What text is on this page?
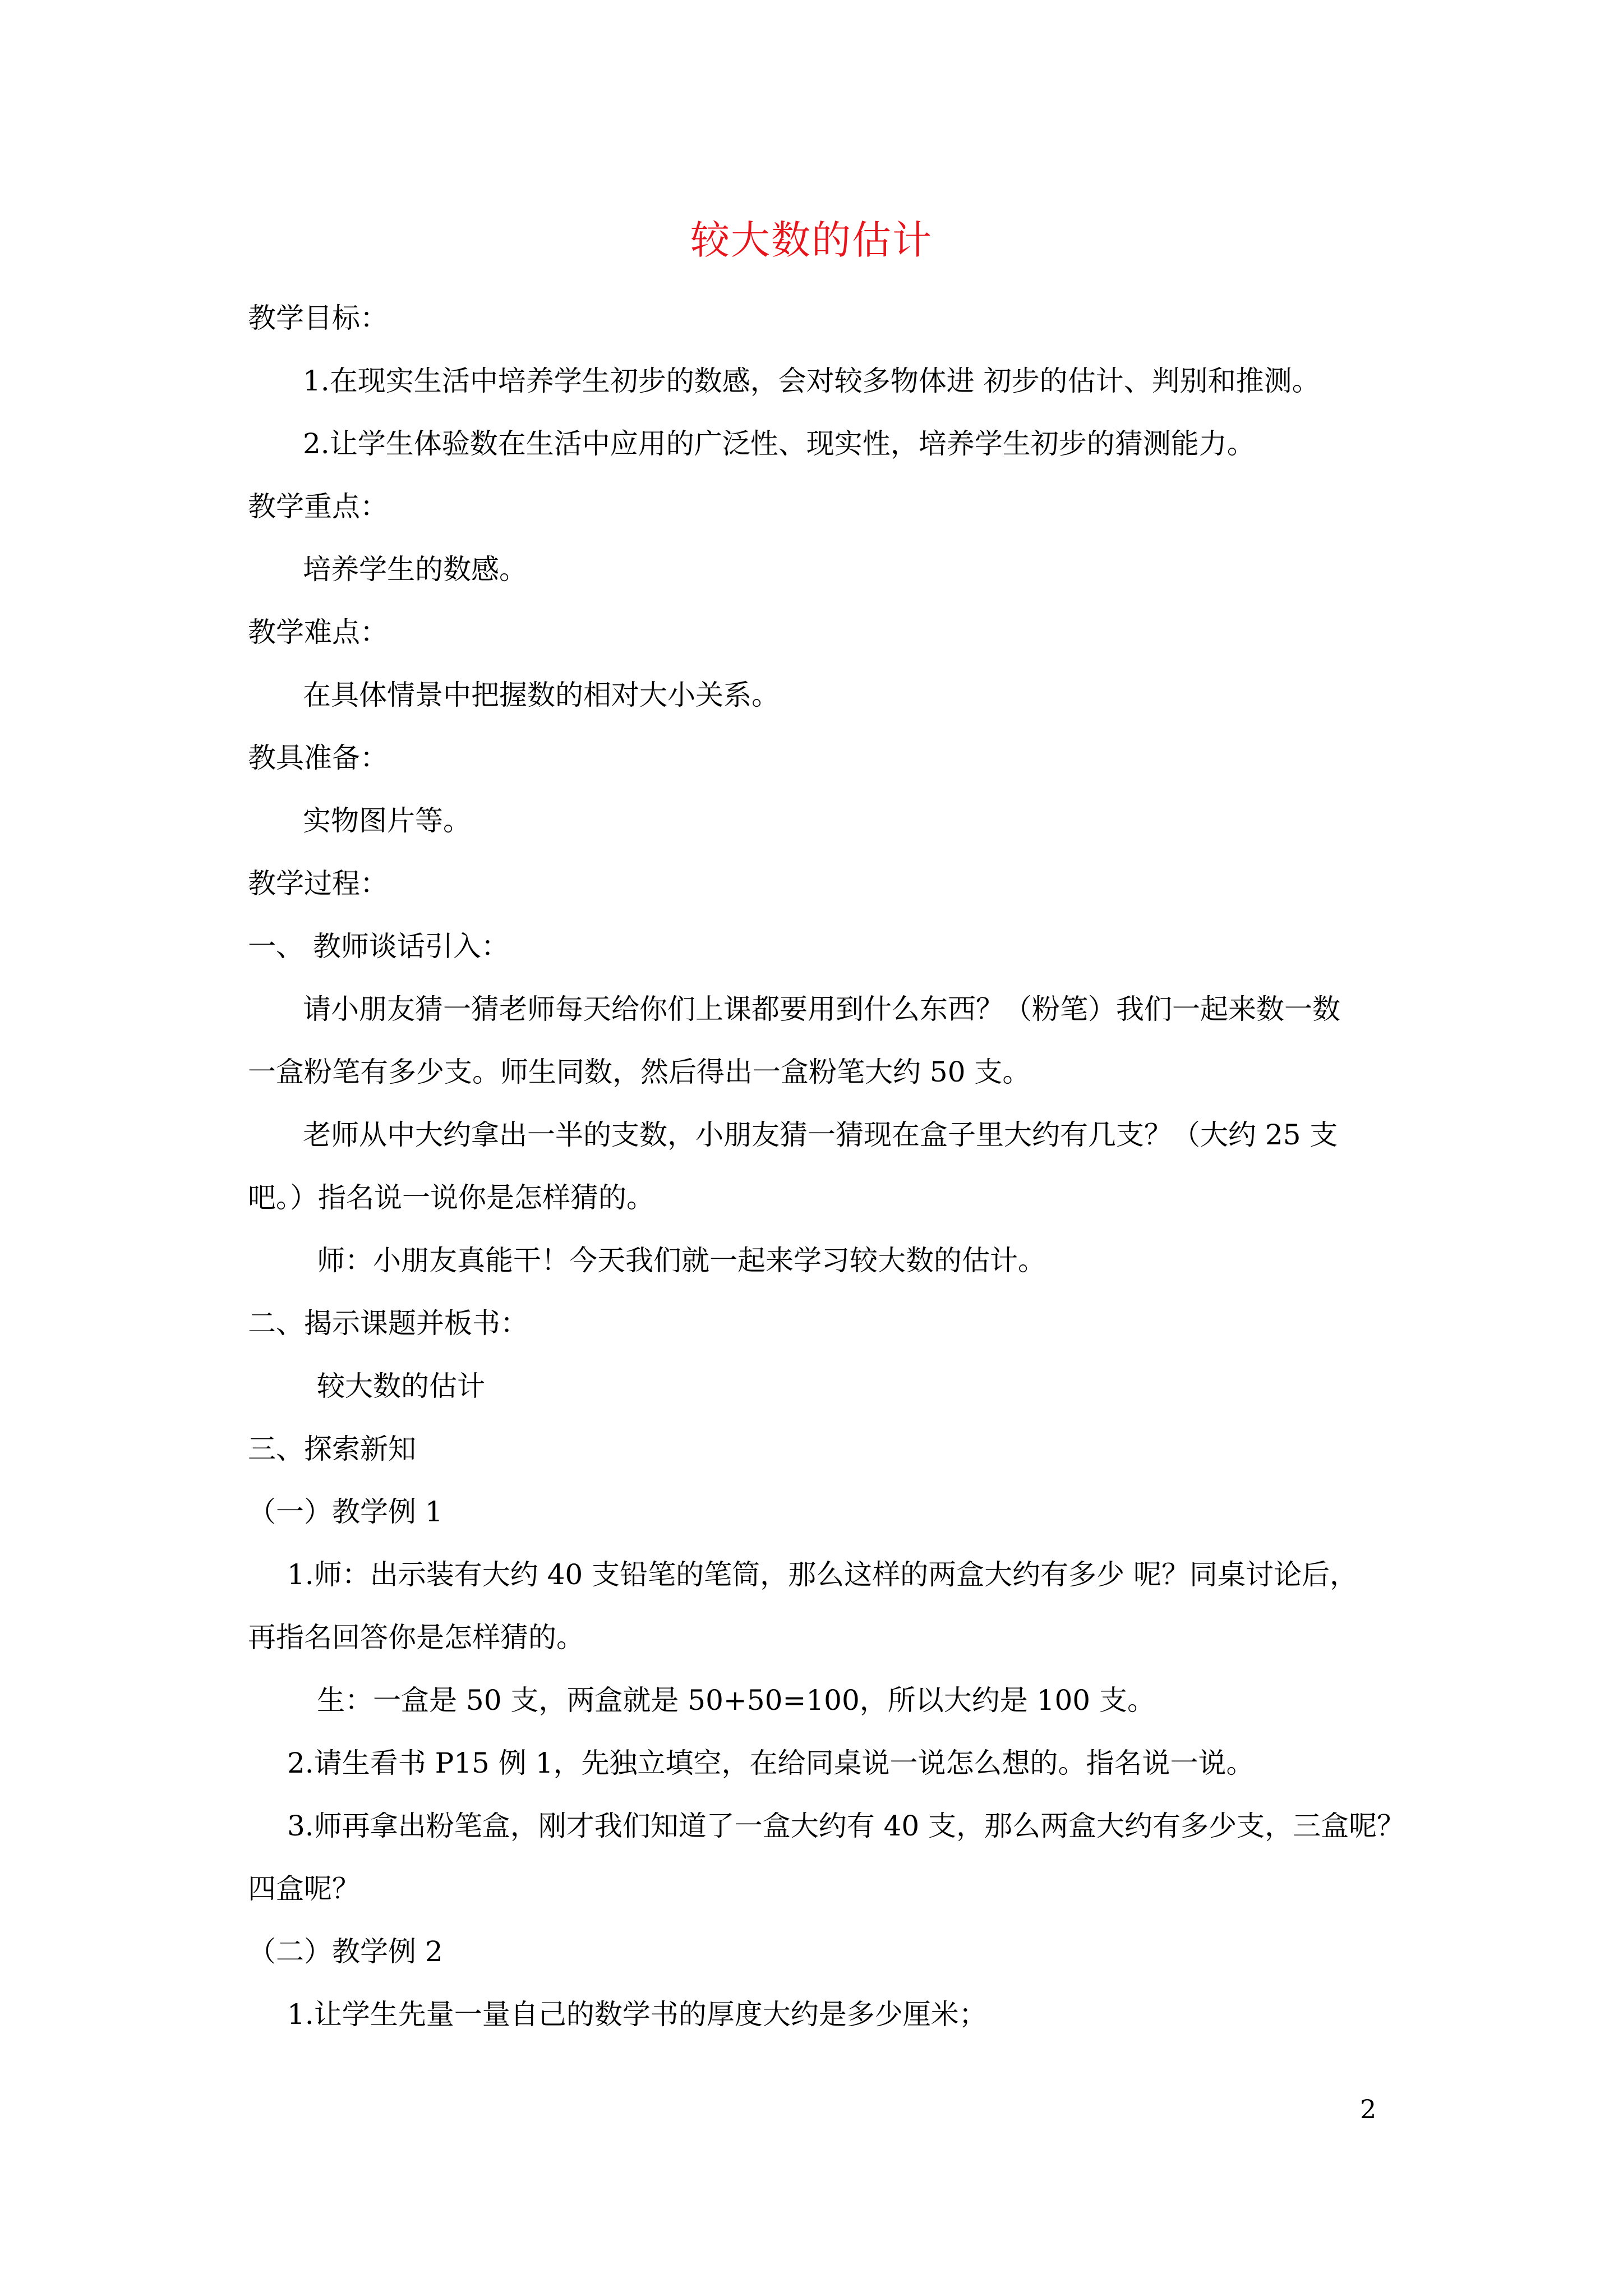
较大数的估计
教学目标：
1.在现实生活中培养学生初步的数感，会对较多物体进 初步的估计、判别和推测。
2.让学生体验数在生活中应用的广泛性、现实性，培养学生初步的猜测能力。
教学重点：
培养学生的数感。
教学难点：
在具体情景中把握数的相对大小关系。
教具准备：
实物图片等。
教学过程：
一、 教师谈话引入：
请小朋友猜一猜老师每天给你们上课都要用到什么东西？（粉笔）我们一起来数一数
一盒粉笔有多少支。师生同数，然后得出一盒粉笔大约 50 支。
老师从中大约拿出一半的支数，小朋友猜一猜现在盒子里大约有几支？（大约 25 支
吧。）指名说一说你是怎样猜的。
师：小朋友真能干！今天我们就一起来学习较大数的估计。
二、揭示课题并板书：
较大数的估计
三、探索新知
（一）教学例 1
1.师：出示装有大约 40 支铅笔的笔筒，那么这样的两盒大约有多少 呢？同桌讨论后，
再指名回答你是怎样猜的。
生：一盒是 50 支，两盒就是 50+50=100，所以大约是 100 支。
2.请生看书 P15 例 1，先独立填空，在给同桌说一说怎么想的。指名说一说。
3.师再拿出粉笔盒，刚才我们知道了一盒大约有 40 支，那么两盒大约有多少支，三盒呢？
四盒呢？
（二）教学例 2
1.让学生先量一量自己的数学书的厚度大约是多少厘米；
2
